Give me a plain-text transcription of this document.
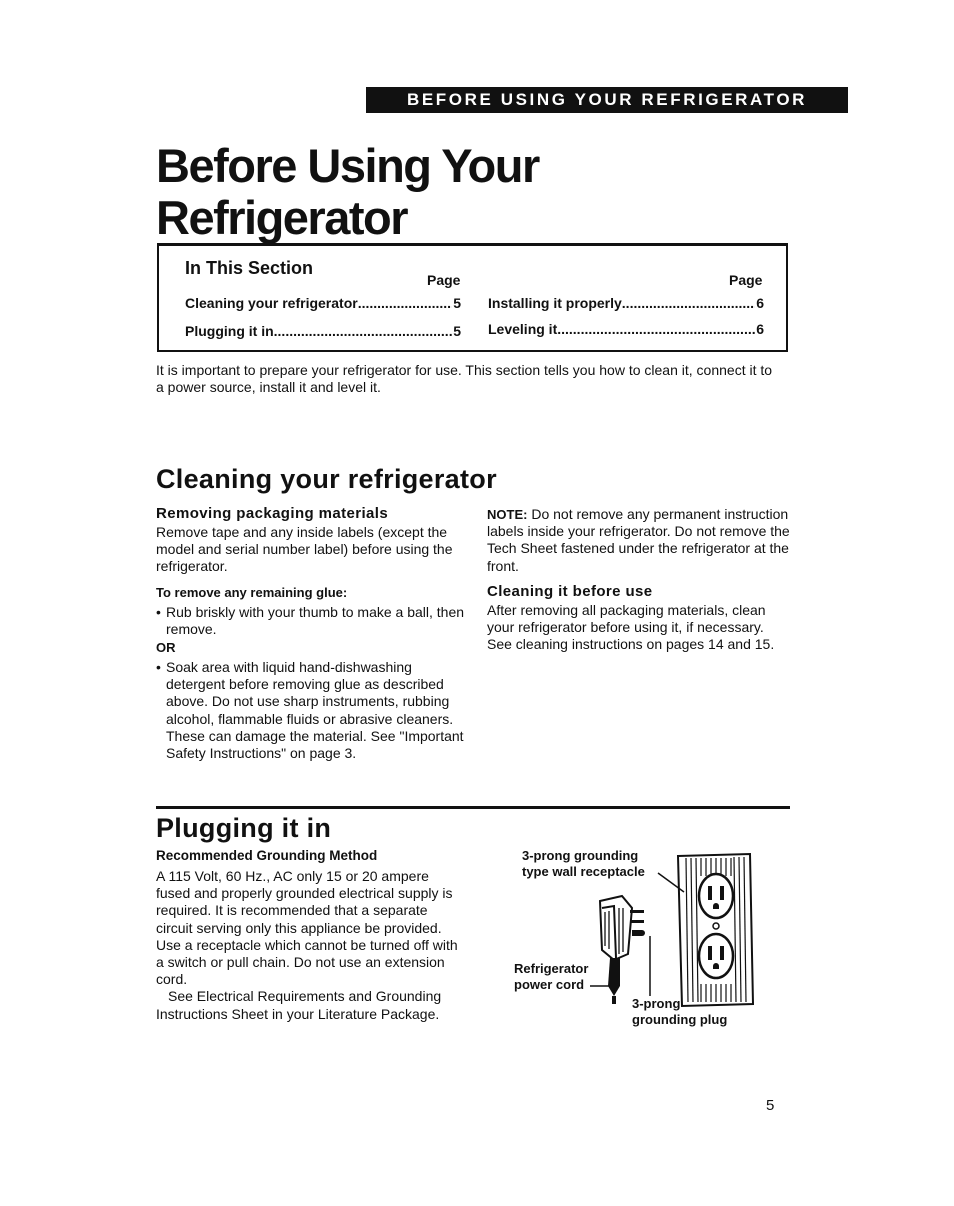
BEFORE USING YOUR REFRIGERATOR
Before Using Your
Refrigerator
In This Section
Page	Page
Cleaning your refrigerator .....	5
Plugging it in .....	5
Installing it properly .....	6
Leveling it .....	6

It is important to prepare your refrigerator for use. This section tells you how to clean it, connect it to a power source, install it and level it.

Cleaning your refrigerator
Removing packaging materials

Remove tape and any inside labels (except the model and serial number label) before using the refrigerator.

To remove any remaining glue:
• Rub briskly with your thumb to make a ball, then remove.
OR
• Soak area with liquid hand-dishwashing detergent before removing glue as described above. Do not use sharp instruments, rubbing alcohol, flammable fluids or abrasive cleaners. These can damage the material. See "Important Safety Instructions" on page 3.

NOTE: Do not remove any permanent instruction labels inside your refrigerator. Do not remove the Tech Sheet fastened under the refrigerator at the front.

Cleaning it before use

After removing all packaging materials, clean your refrigerator before using it, if necessary. See cleaning instructions on pages 14 and 15.

Plugging it in
Recommended Grounding Method

A 115 Volt, 60 Hz., AC only 15 or 20 ampere fused and properly grounded electrical supply is required. It is recommended that a separate circuit serving only this appliance be provided. Use a receptacle which cannot be turned off with a switch or pull chain. Do not use an extension cord.

See Electrical Requirements and Grounding Instructions Sheet in your Literature Package.

3-prong grounding
type wall receptacle
Refrigerator
power cord
3-prong
grounding plug
5
